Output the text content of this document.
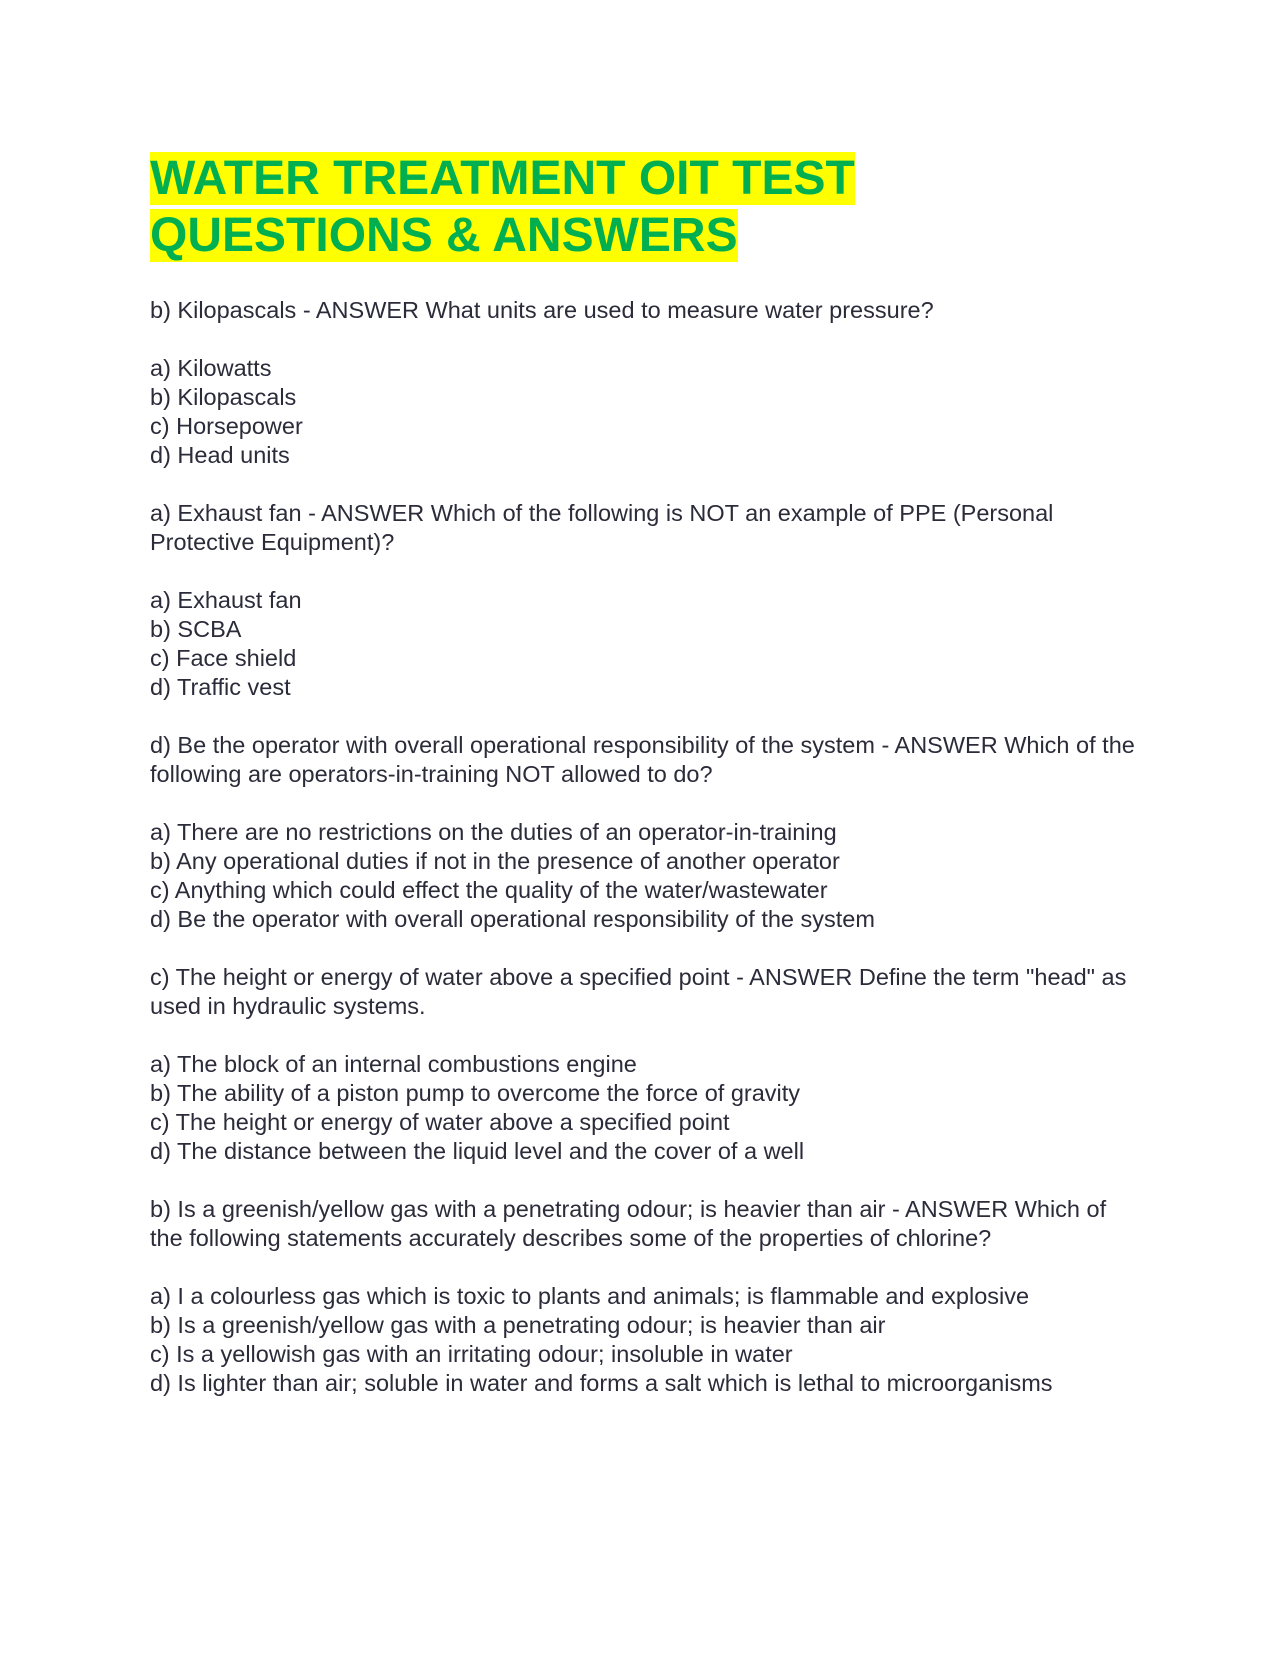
WATER TREATMENT OIT TEST
QUESTIONS & ANSWERS

b) Kilopascals - ANSWER What units are used to measure water pressure?

a) Kilowatts
b) Kilopascals
c) Horsepower
d) Head units

a) Exhaust fan - ANSWER Which of the following is NOT an example of PPE (Personal Protective Equipment)?

a) Exhaust fan
b) SCBA
c) Face shield
d) Traffic vest

d) Be the operator with overall operational responsibility of the system - ANSWER Which of the following are operators-in-training NOT allowed to do?

a) There are no restrictions on the duties of an operator-in-training
b) Any operational duties if not in the presence of another operator
c) Anything which could effect the quality of the water/wastewater
d) Be the operator with overall operational responsibility of the system

c) The height or energy of water above a specified point - ANSWER Define the term "head" as used in hydraulic systems.

a) The block of an internal combustions engine
b) The ability of a piston pump to overcome the force of gravity
c) The height or energy of water above a specified point
d) The distance between the liquid level and the cover of a well

b) Is a greenish/yellow gas with a penetrating odour; is heavier than air - ANSWER Which of the following statements accurately describes some of the properties of chlorine?

a) I a colourless gas which is toxic to plants and animals; is flammable and explosive
b) Is a greenish/yellow gas with a penetrating odour; is heavier than air
c) Is a yellowish gas with an irritating odour; insoluble in water
d) Is lighter than air; soluble in water and forms a salt which is lethal to microorganisms
